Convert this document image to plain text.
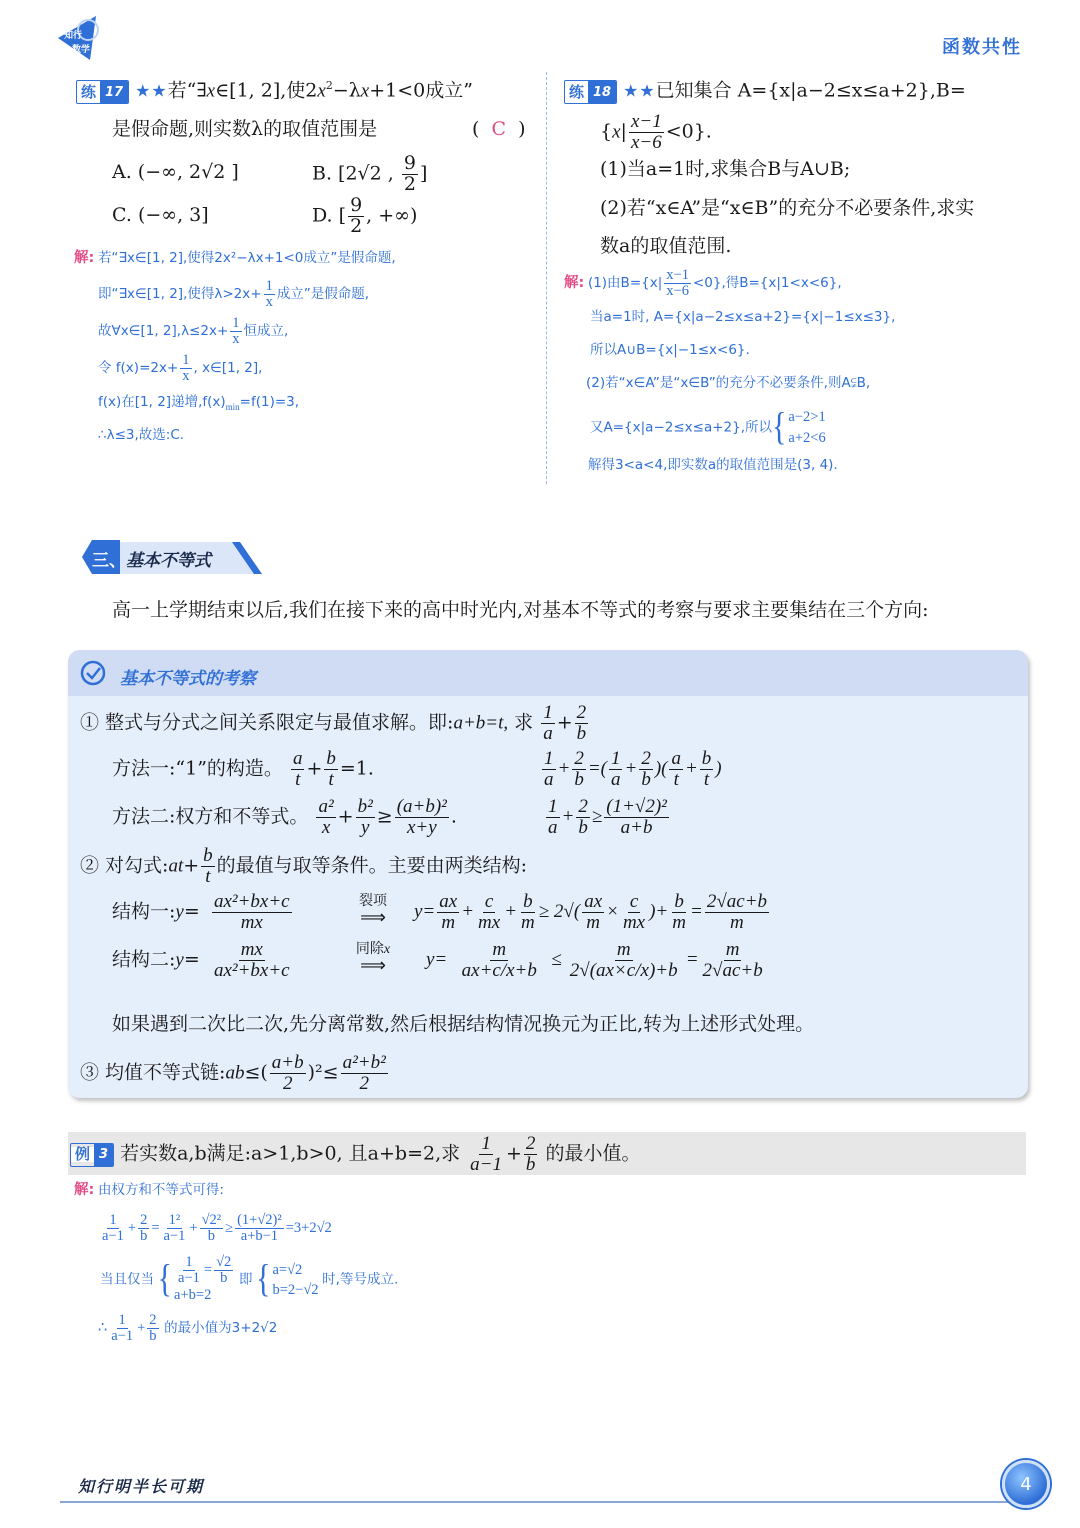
知行
数学	函数共性
练 17 ★★若“∃x∈[1, 2],使$2x^2-\lambda x+1<0$成立”
是假命题,则实数λ的取值范围是	( C )
A. (−∞, 2√2 ]	B. [2√2 , $\frac{9}{2}$ ]
C. (−∞, 3]	D. [ $\frac{9}{2}$ , +∞)
解: 若“∃x∈[1, 2],使得2x²−λx+1<0成立”是假命题,
即“∃x∈[1, 2],使得$\lambda>2x+ \frac{1}{x}$ 成立”是假命题,
故∀x∈[1, $2],\lambda\le 2x+ \frac{1}{x}$ 恒成立,
令 $f(x)=2x+ \frac{1}{x}$ , x∈[1, 2],
f(x)在[1, 2]递增$,f(x)_{min}=f(1)=3$,
∴λ≤3,故选:C.
练 18 ★★已知集合 A={x|a−2≤x≤a+2},B=
$\{x| \frac{x-1}{x-6} <0\}$.
(1)当a=1时,求集合B与A∪B;
(2)若“x∈A”是“x∈B”的充分不必要条件,求实
数a的取值范围.
解: (1)由$B=\{x| \frac{x-1}{x-6} <0\}$,得B={x|1<x<6},
当a=1时, A={x|a−2≤x≤a+2}={x|−1≤x≤3},
所以A∪B={x|−1≤x<6}.
(2)若“x∈A”是“x∈B”的充分不必要条件,则A⫋B,
又A={x|a−2≤x≤a+2},所以{ a−2>1
a+2<6
解得3<a<4,即实数a的取值范围是(3, 4).
三、 基本不等式
高一上学期结束以后,我们在接下来的高中时光内,对基本不等式的考察与要求主要集结在三个方向:
基本不等式的考察
① 整式与分式之间关系限定与最值求解。即:a+b=t, 求 $\frac{1}{a} + \frac{2}{b}$
方法一:“1”的构造。 $\frac{a}{t} + \frac{b}{t} =1$.	$\frac{1}{a} + \frac{2}{b}$ =( $\frac{1}{a} + \frac{2}{b}$ )( $\frac{a}{t} + \frac{b}{t}$ )
方法二:权方和不等式。 $\frac{\text{a²}}{x} + \frac{\text{b²}}{y} \ge \frac{\text{(a+b)²}}{x+y}$ .	$\frac{1}{a} + \frac{2}{b} \ge \frac{\text{(1+√2)²}}{a+b}$
② 对勾式:at+ $\frac{b}{t}$ 的最值与取等条件。主要由两类结构:
结构一:y= $\frac{\text{ax²+bx+c}}{mx}$	裂项
⟹	$y= \frac{ax}{m} + \frac{c}{mx} + \frac{b}{m} \ge 2√( \frac{ax}{m} \times \frac{c}{mx}$ )+ $\frac{b}{m} = \frac{2√ac+b}{m}$
结构二:y= $\frac{mx}{\text{ax²+bx+c}}$	同除x
⟹	$y= \frac{m}{ax+c/x+b} \le \frac{m}{2√(ax\times c/x)+b} = \frac{m}{2√ac+b}$
如果遇到二次比二次,先分离常数,然后根据结构情况换元为正比,转为上述形式处理。
③ 均值不等式链:ab≤( $\frac{a+b}{2} )^2\le \frac{\text{a²+b²}}{2}$
例 3 若实数a,b满足:a>1,b>0, 且a+b=2,求 $\frac{1}{a-1} + \frac{2}{b}$ 的最小值。
解: 由权方和不等式可得:
$\frac{1}{a-1} + \frac{2}{b} = \frac{\text{1²}}{a-1} + \frac{\text{√2²}}{b} \ge \frac{\text{(1+√2)²}}{a+b-1} =3+2√2$
当且仅当 { $\frac{1}{a-1} = \frac{√2}{b}$
a+b=2
即 { a=√2
b=2−√2
时,等号成立.
∴ $\frac{1}{a-1} + \frac{2}{b}$ 的最小值为3+2√2
知行明半长可期	4
